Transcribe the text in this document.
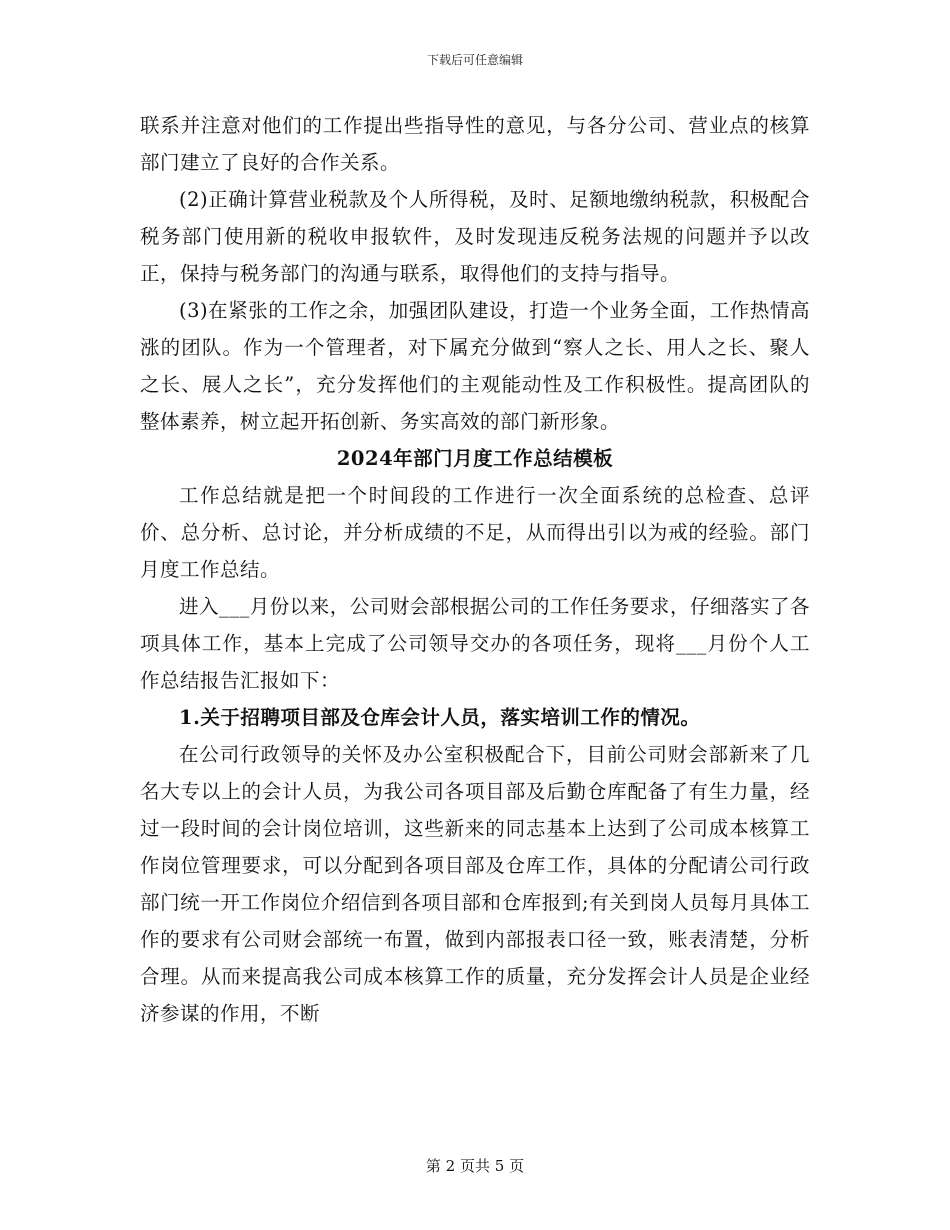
下载后可任意编辑

联系并注意对他们的工作提出些指导性的意见，与各分公司、营业点的核算部门建立了良好的合作关系。

(2)正确计算营业税款及个人所得税，及时、足额地缴纳税款，积极配合税务部门使用新的税收申报软件，及时发现违反税务法规的问题并予以改正，保持与税务部门的沟通与联系，取得他们的支持与指导。

(3)在紧张的工作之余，加强团队建设，打造一个业务全面，工作热情高涨的团队。作为一个管理者，对下属充分做到“察人之长、用人之长、聚人之长、展人之长”，充分发挥他们的主观能动性及工作积极性。提高团队的整体素养，树立起开拓创新、务实高效的部门新形象。

2024年部门月度工作总结模板

工作总结就是把一个时间段的工作进行一次全面系统的总检查、总评价、总分析、总讨论，并分析成绩的不足，从而得出引以为戒的经验。部门月度工作总结。

进入___月份以来，公司财会部根据公司的工作任务要求，仔细落实了各项具体工作，基本上完成了公司领导交办的各项任务，现将___月份个人工作总结报告汇报如下：

1.关于招聘项目部及仓库会计人员，落实培训工作的情况。

在公司行政领导的关怀及办公室积极配合下，目前公司财会部新来了几名大专以上的会计人员，为我公司各项目部及后勤仓库配备了有生力量，经过一段时间的会计岗位培训，这些新来的同志基本上达到了公司成本核算工作岗位管理要求，可以分配到各项目部及仓库工作，具体的分配请公司行政部门统一开工作岗位介绍信到各项目部和仓库报到;有关到岗人员每月具体工作的要求有公司财会部统一布置，做到内部报表口径一致，账表清楚，分析合理。从而来提高我公司成本核算工作的质量，充分发挥会计人员是企业经济参谋的作用，不断

第 2 页共 5 页
